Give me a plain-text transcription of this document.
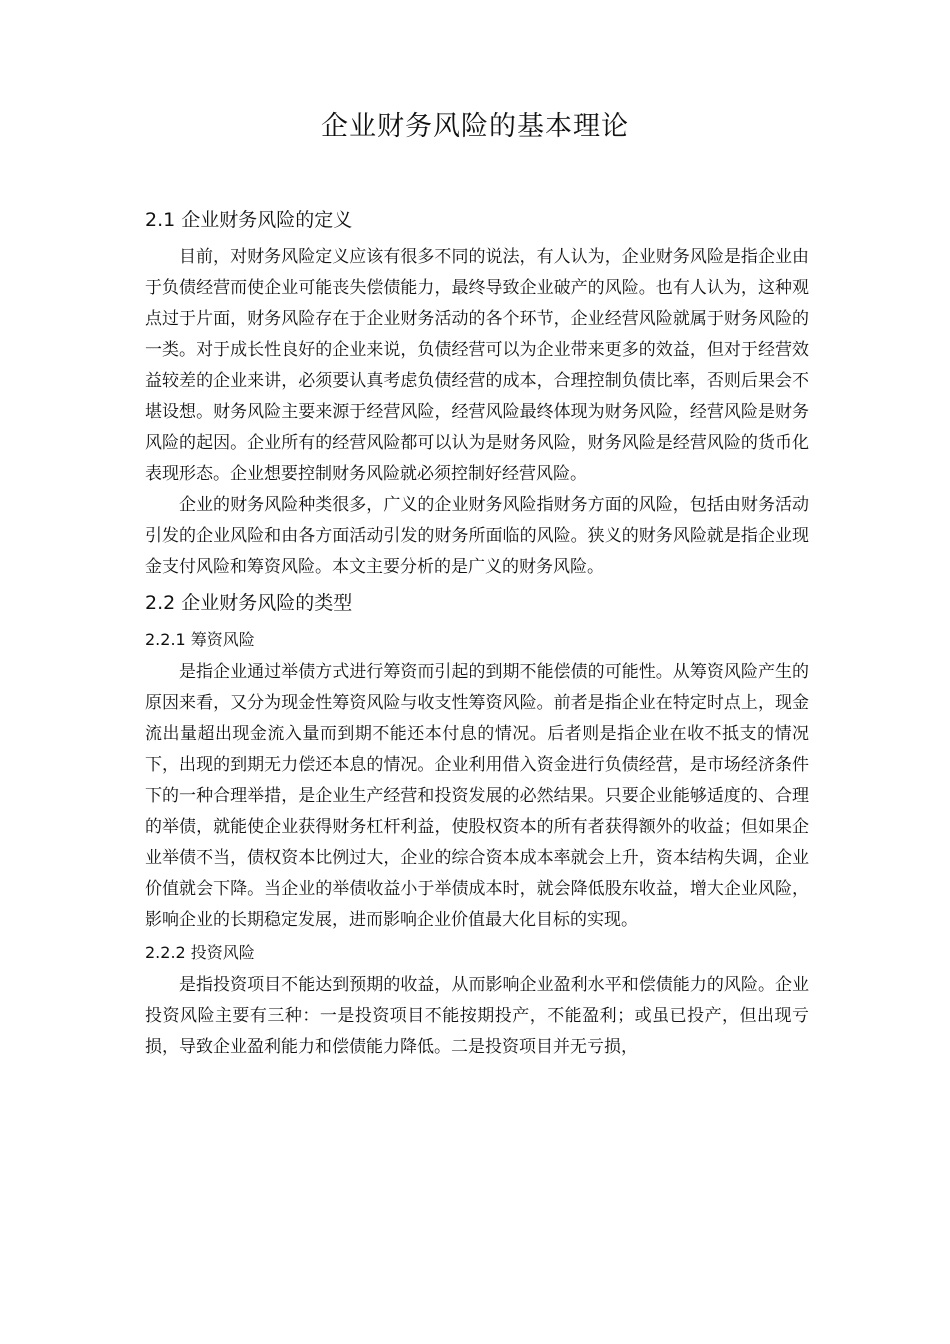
企业财务风险的基本理论
2.1 企业财务风险的定义

目前，对财务风险定义应该有很多不同的说法，有人认为，企业财务风险是指企业由于负债经营而使企业可能丧失偿债能力，最终导致企业破产的风险。也有人认为，这种观点过于片面，财务风险存在于企业财务活动的各个环节，企业经营风险就属于财务风险的一类。对于成长性良好的企业来说，负债经营可以为企业带来更多的效益，但对于经营效益较差的企业来讲，必须要认真考虑负债经营的成本，合理控制负债比率，否则后果会不堪设想。财务风险主要来源于经营风险，经营风险最终体现为财务风险，经营风险是财务风险的起因。企业所有的经营风险都可以认为是财务风险，财务风险是经营风险的货币化表现形态。企业想要控制财务风险就必须控制好经营风险。

企业的财务风险种类很多，广义的企业财务风险指财务方面的风险，包括由财务活动引发的企业风险和由各方面活动引发的财务所面临的风险。狭义的财务风险就是指企业现金支付风险和筹资风险。本文主要分析的是广义的财务风险。

2.2 企业财务风险的类型
2.2.1 筹资风险

是指企业通过举债方式进行筹资而引起的到期不能偿债的可能性。从筹资风险产生的原因来看，又分为现金性筹资风险与收支性筹资风险。前者是指企业在特定时点上，现金流出量超出现金流入量而到期不能还本付息的情况。后者则是指企业在收不抵支的情况下，出现的到期无力偿还本息的情况。企业利用借入资金进行负债经营，是市场经济条件下的一种合理举措，是企业生产经营和投资发展的必然结果。只要企业能够适度的、合理的举债，就能使企业获得财务杠杆利益，使股权资本的所有者获得额外的收益；但如果企业举债不当，债权资本比例过大，企业的综合资本成本率就会上升，资本结构失调，企业价值就会下降。当企业的举债收益小于举债成本时，就会降低股东收益，增大企业风险，影响企业的长期稳定发展，进而影响企业价值最大化目标的实现。

2.2.2 投资风险

是指投资项目不能达到预期的收益，从而影响企业盈利水平和偿债能力的风险。企业投资风险主要有三种：一是投资项目不能按期投产，不能盈利；或虽已投产，但出现亏损，导致企业盈利能力和偿债能力降低。二是投资项目并无亏损，
